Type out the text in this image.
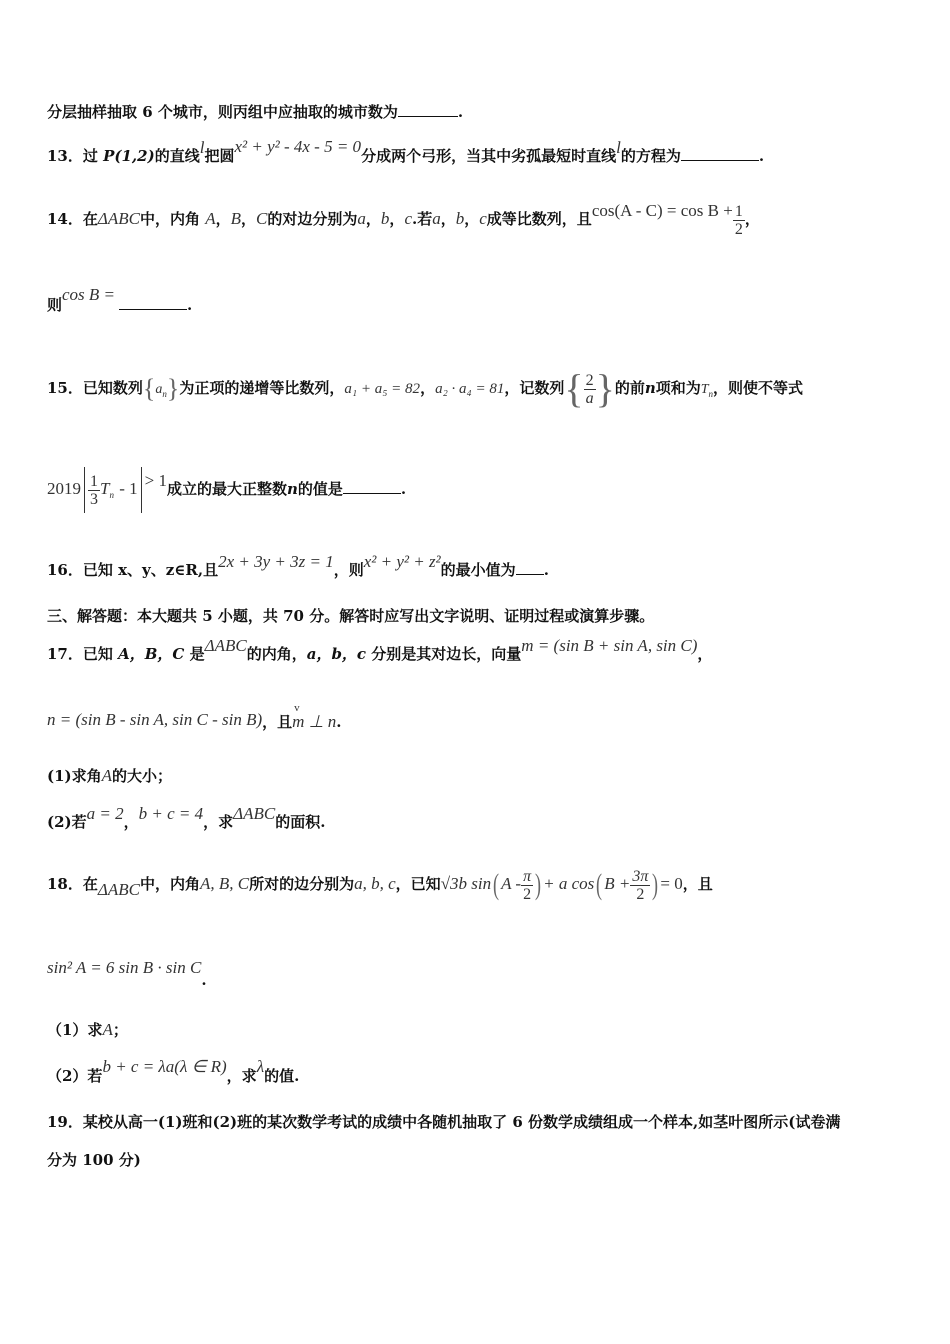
分层抽样抽取 6 个城市，则丙组中应抽取的城市数为	.
13．过 P(1,2)的直线l把圆x² + y² - 4x - 5 = 0分成两个弓形，当其中劣孤最短时直线l的方程为	.
14．在ΔABC中，内角 A，B，C的对边分别为a，b，c.若a，b，c成等比数列，且$\cos(A - C) = \cos B + \frac{1}{2}$ ，
则cos B =.
15．已知数列$\{a_n\}$为正项的递增等比数列，a₁ + a₅ = 82，a₂ · a₄ = 81，记数列{ $\frac{2}{a}$ }的前n项和为$T_n$，则使不等式
$2019 \frac{1}{3} T_n - 1 > 1$成立的最大正整数n的值是	.
16．已知 x、y、z∈R,且2x + 3y + 3z = 1，则x² + y² + z²的最小值为 .
三、解答题：本大题共 5 小题，共 70 分。解答时应写出文字说明、证明过程或演算步骤。
17．已知 A，B，C 是ΔABC的内角，a，b，c 分别是其对边长，向量m = (sin B + sin A, sin C)，
n = (sin B - sin A, sin C - sin B)，且v m ⊥ n.
(1)求角A的大小；
(2)若a = 2，b + c = 4，求ΔABC的面积.
18．在ΔABC中，内角A, B, C所对的边分别为a, b, c，已知√3b sin( A - $\frac{\pi}{2}$ ) + a cos( $B + \frac{3\pi}{2}$ ) = 0，且
sin² A = 6 sin B · sin C.
（1）求A；
（2）若b + c = λa(λ ∈ R)，求λ的值.
19．某校从高一(1)班和(2)班的某次数学考试的成绩中各随机抽取了 6 份数学成绩组成一个样本,如茎叶图所示(试卷满
分为 100 分)
